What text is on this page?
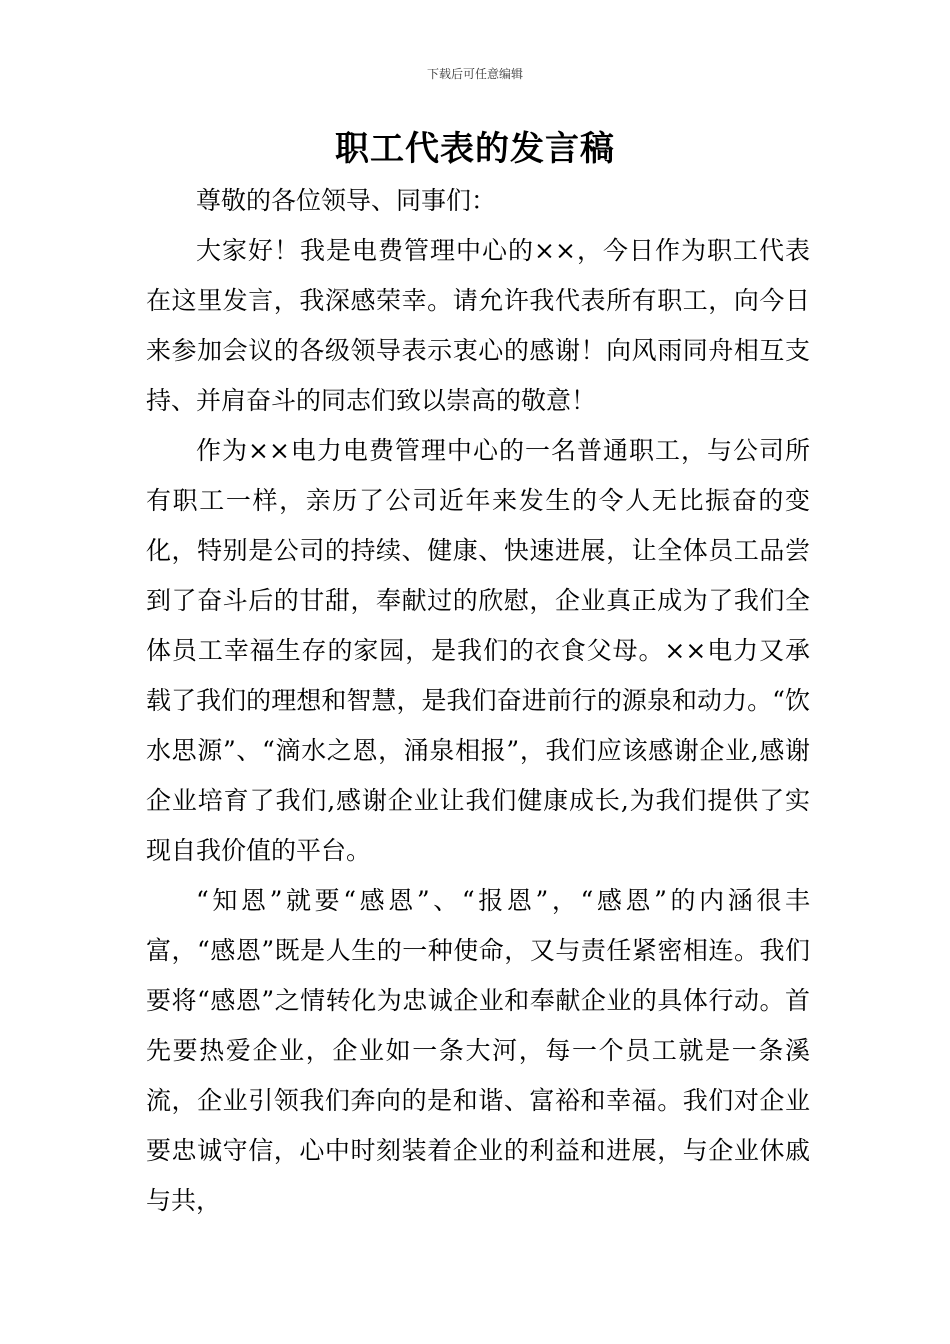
下载后可任意编辑
职工代表的发言稿

尊敬的各位领导、同事们：

大家好！我是电费管理中心的××，今日作为职工代表在这里发言，我深感荣幸。请允许我代表所有职工，向今日来参加会议的各级领导表示衷心的感谢！向风雨同舟相互支持、并肩奋斗的同志们致以崇高的敬意！

作为××电力电费管理中心的一名普通职工，与公司所有职工一样，亲历了公司近年来发生的令人无比振奋的变化，特别是公司的持续、健康、快速进展，让全体员工品尝到了奋斗后的甘甜，奉献过的欣慰，企业真正成为了我们全体员工幸福生存的家园，是我们的衣食父母。××电力又承载了我们的理想和智慧，是我们奋进前行的源泉和动力。“饮水思源”、“滴水之恩，涌泉相报”，我们应该感谢企业,感谢企业培育了我们,感谢企业让我们健康成长,为我们提供了实现自我价值的平台。

“知恩”就要“感恩”、“报恩”，“感恩”的内涵很丰富，“感恩”既是人生的一种使命，又与责任紧密相连。我们要将“感恩”之情转化为忠诚企业和奉献企业的具体行动。首先要热爱企业，企业如一条大河，每一个员工就是一条溪流，企业引领我们奔向的是和谐、富裕和幸福。我们对企业要忠诚守信，心中时刻装着企业的利益和进展，与企业休戚与共，
